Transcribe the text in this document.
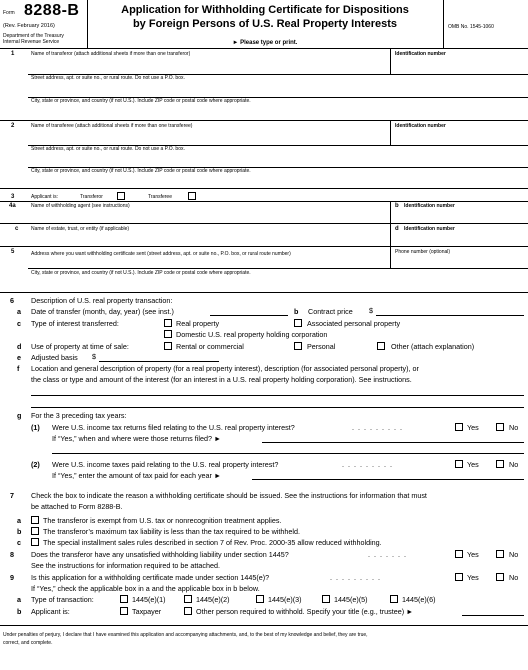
Form 8288-B
(Rev. February 2016)
Department of the Treasury
Internal Revenue Service
Application for Withholding Certificate for Dispositions
by Foreign Persons of U.S. Real Property Interests
► Please type or print.
OMB No. 1545-1060
1	Name of transferor (attach additional sheets if more than one transferor)	Identification number
Street address, apt. or suite no., or rural route. Do not use a P.O. box.
City, state or province, and country (if not U.S.). Include ZIP code or postal code where appropriate.
2	Name of transferee (attach additional sheets if more than one transferee)	Identification number
Street address, apt. or suite no., or rural route. Do not use a P.O. box.
City, state or province, and country (if not U.S.). Include ZIP code or postal code where appropriate.
3	Applicant is:	Transferor	Transferee
4a	Name of withholding agent (see instructions)	b Identification number
c	Name of estate, trust, or entity (if applicable)	d Identification number
5	Address where you want withholding certificate sent (street address, apt. or suite no., P.O. box, or rural route number)	Phone number (optional)
City, state or province, and country (if not U.S.). Include ZIP code or postal code where appropriate.
6 Description of U.S. real property transaction:
a Date of transfer (month, day, year) (see inst.)	b Contract price $
c Type of interest transferred:	Real property	Associated personal property
Domestic U.S. real property holding corporation
d Use of property at time of sale:	Rental or commercial	Personal	Other (attach explanation)
e Adjusted basis $
f Location and general description of property (for a real property interest), description (for associated personal property), or
the class or type and amount of the interest (for an interest in a U.S. real property holding corporation). See instructions.
g For the 3 preceding tax years:
(1) Were U.S. income tax returns filed relating to the U.S. real property interest?	. . . . . . . . .	Yes	No
If “Yes,” when and where were those returns filed? ►
(2) Were U.S. income taxes paid relating to the U.S. real property interest?	. . . . . . . . .	Yes	No
If “Yes,” enter the amount of tax paid for each year ►
7 Check the box to indicate the reason a withholding certificate should be issued. See the instructions for information that must
be attached to Form 8288-B.
a	The transferor is exempt from U.S. tax or nonrecognition treatment applies.
b	The transferor’s maximum tax liability is less than the tax required to be withheld.
c	The special installment sales rules described in section 7 of Rev. Proc. 2000-35 allow reduced withholding.
8 Does the transferor have any unsatisfied withholding liability under section 1445?	. . . . . . .	Yes	No
See the instructions for information required to be attached.
9 Is this application for a withholding certificate made under section 1445(e)?	. . . . . . . . .	Yes	No
If “Yes,” check the applicable box in a and the applicable box in b below.
a Type of transaction:	1445(e)(1)	1445(e)(2)	1445(e)(3)	1445(e)(5)	1445(e)(6)
b Applicant is:	Taxpayer	Other person required to withhold. Specify your title (e.g., trustee) ►
Under penalties of perjury, I declare that I have examined this application and accompanying attachments, and, to the best of my knowledge and belief, they are true,
correct, and complete.
